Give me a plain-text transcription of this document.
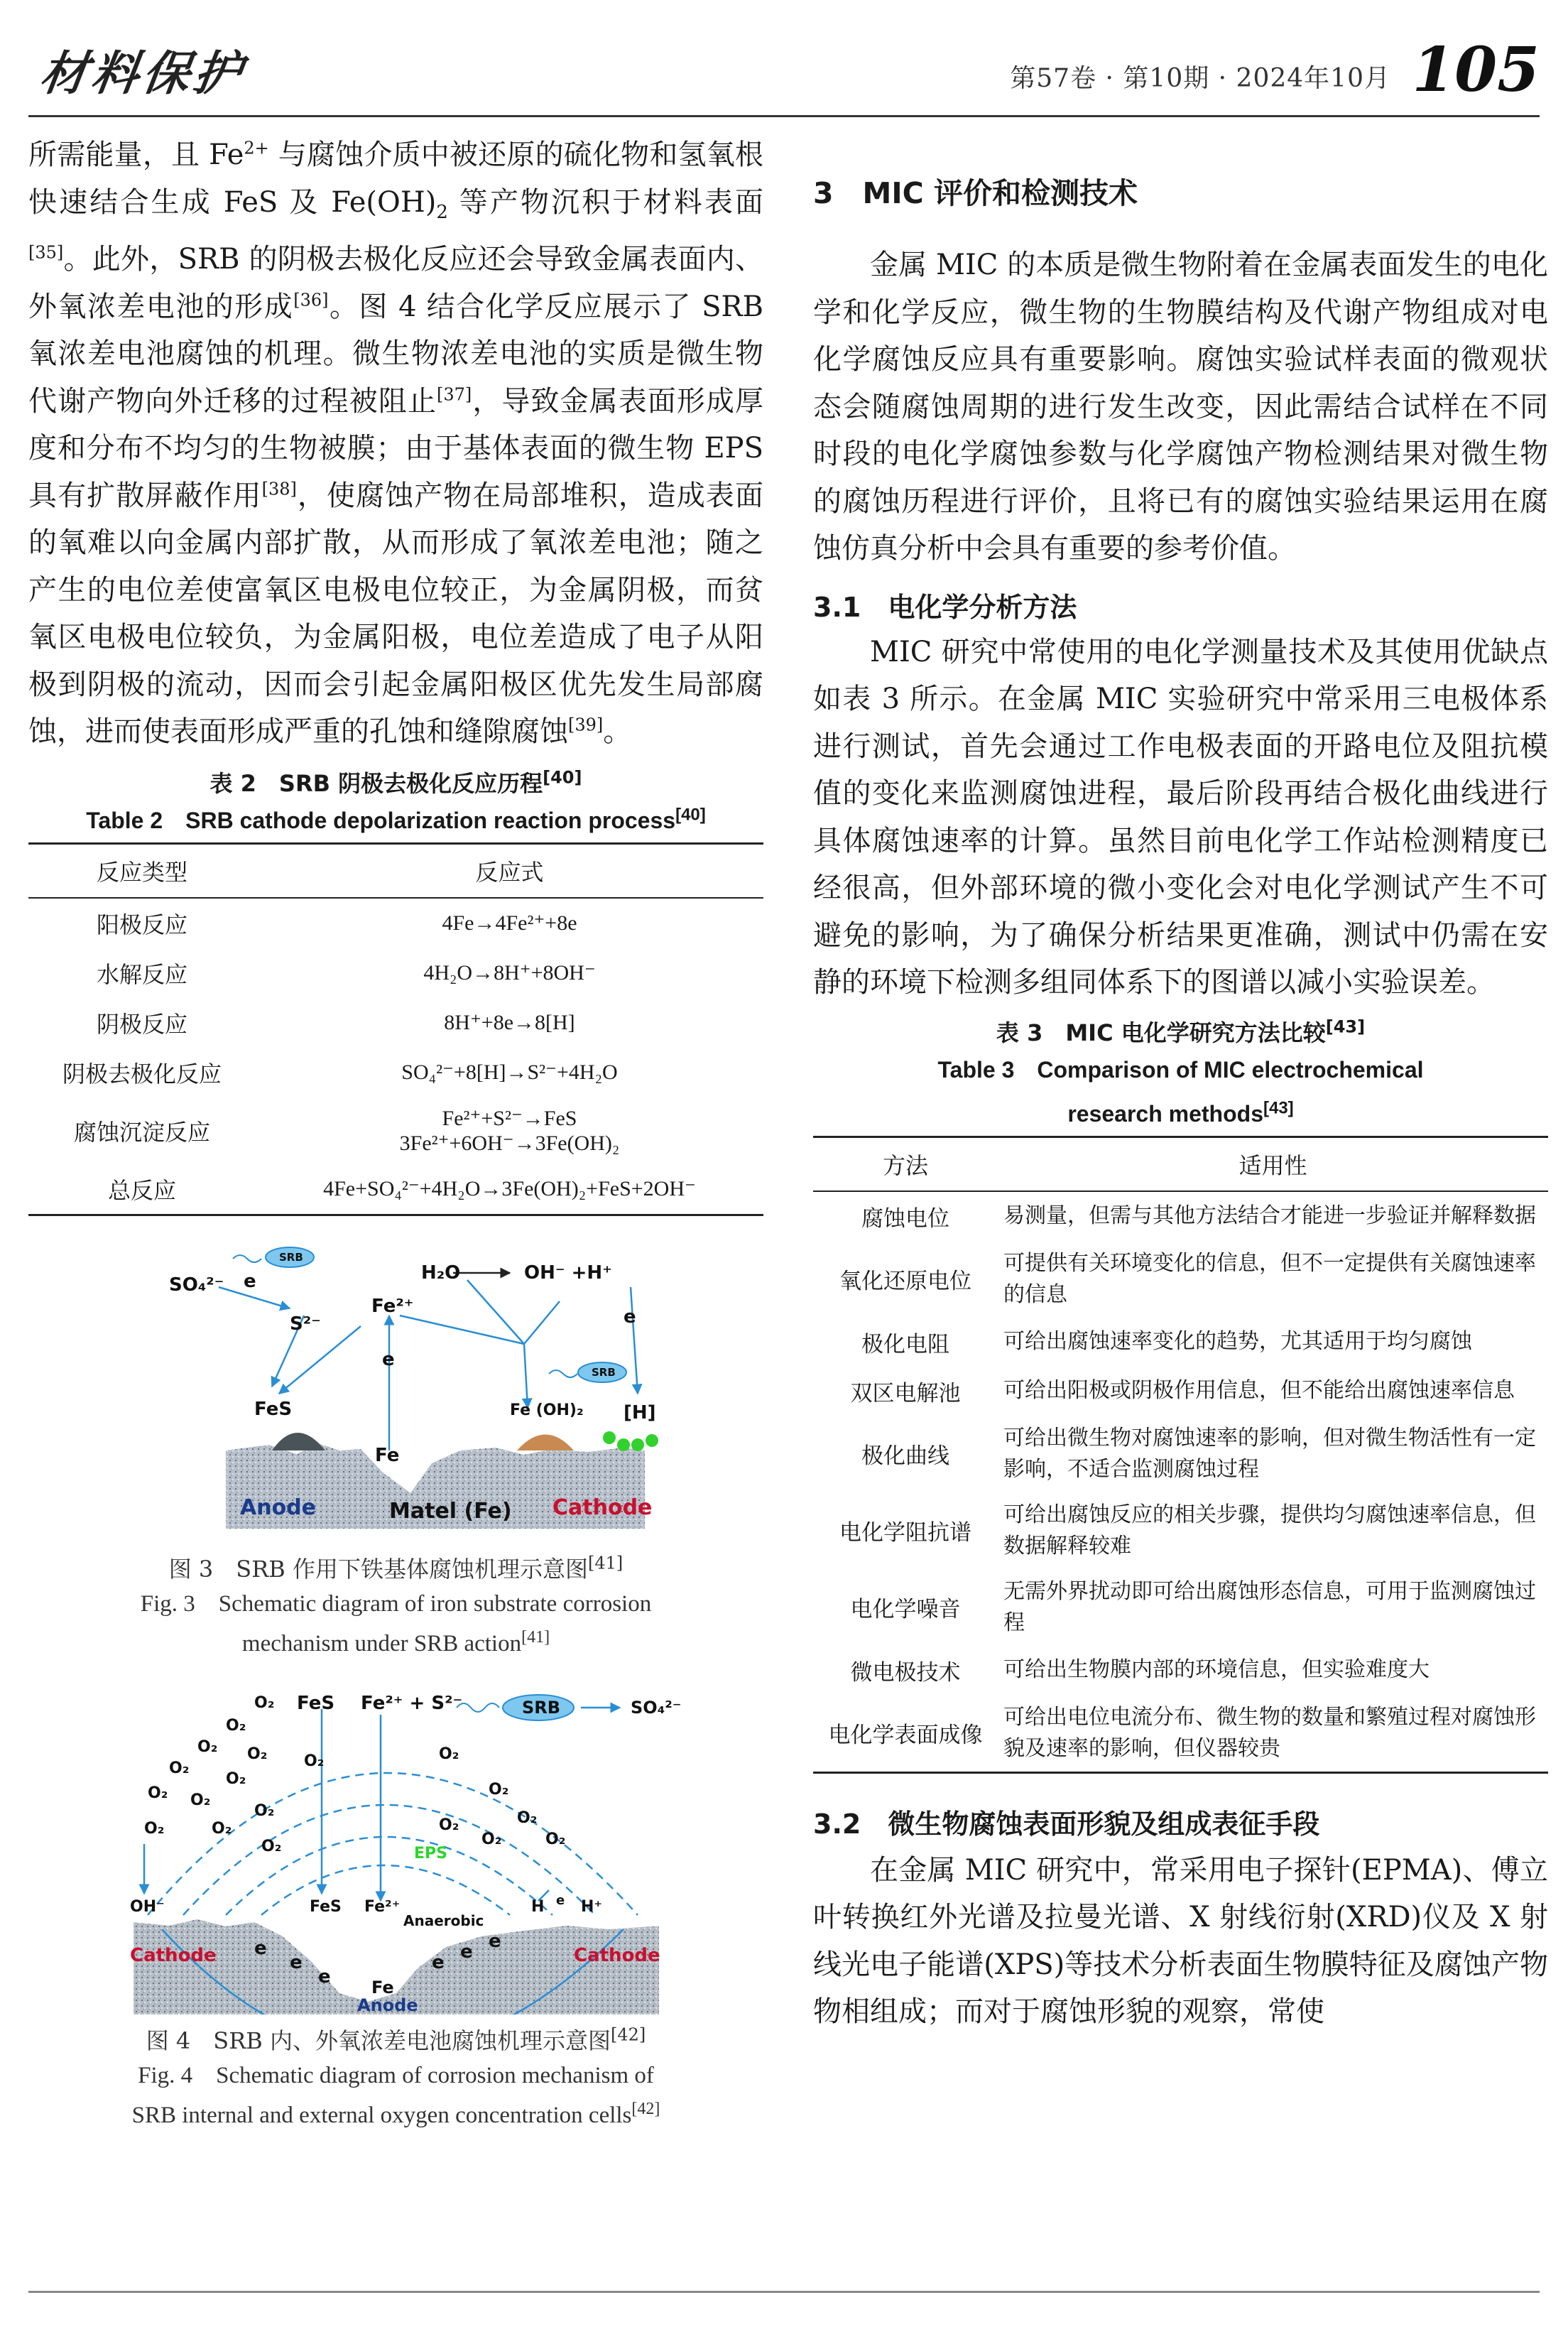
材料保护	第57卷 · 第10期 · 2024年10月 105

所需能量，且 Fe$^{2+}$ 与腐蚀介质中被还原的硫化物和氢氧根快速结合生成 FeS 及 $Fe(OH)_2$ 等产物沉积于材料表面[35]。此外，SRB 的阴极去极化反应还会导致金属表面内、外氧浓差电池的形成[36]。图 4 结合化学反应展示了 SRB 氧浓差电池腐蚀的机理。微生物浓差电池的实质是微生物代谢产物向外迁移的过程被阻止[37]，导致金属表面形成厚度和分布不均匀的生物被膜；由于基体表面的微生物 EPS 具有扩散屏蔽作用[38]，使腐蚀产物在局部堆积，造成表面的氧难以向金属内部扩散，从而形成了氧浓差电池；随之产生的电位差使富氧区电极电位较正，为金属阴极，而贫氧区电极电位较负，为金属阳极，电位差造成了电子从阳极到阴极的流动，因而会引起金属阳极区优先发生局部腐蚀，进而使表面形成严重的孔蚀和缝隙腐蚀[39]。

表 2　SRB 阴极去极化反应历程[40]

Table 2　SRB cathode depolarization reaction process[40]

反应类型	反应式
阳极反应	4Fe→4Fe²⁺+8e
水解反应	4H₂O→8H⁺+8OH⁻
阴极反应	8H⁺+8e→8[H]
阴极去极化反应	SO₄²⁻+8[H]→S²⁻+4H₂O
腐蚀沉淀反应	Fe²⁺+S²⁻→FeS
3Fe²⁺+6OH⁻→3Fe(OH)₂

总反应	4Fe+SO₄²⁻+4H₂O→3Fe(OH)₂+FeS+2OH⁻
SO₄²⁻
SRB
e
S²⁻
Fe²⁺
e
H₂O	OH⁻ +H⁺
e
SRB
FeS
Fe
Fe (OH)₂ [H]
Anode	Matel (Fe) Cathode

图 3　SRB 作用下铁基体腐蚀机理示意图[41]

Fig. 3　Schematic diagram of iron substrate corrosion
mechanism under SRB action[41]

O₂
O₂
O₂ O₂
O₂
O₂
O₂ O₂
O₂
O₂	O₂
O₂
O₂	O₂
O₂
O₂
O₂
O₂
O₂
FeS Fe²⁺ + S²⁻	SRB	SO₄²⁻
EPS
OH⁻	FeS Fe²⁺
Anaerobic
H e H⁺
e
e
e
e e e
Cathode	Cathode
Fe
Anode

图 4　SRB 内、外氧浓差电池腐蚀机理示意图[42]

Fig. 4　Schematic diagram of corrosion mechanism of
SRB internal and external oxygen concentration cells[42]

3　MIC 评价和检测技术

金属 MIC 的本质是微生物附着在金属表面发生的电化学和化学反应，微生物的生物膜结构及代谢产物组成对电化学腐蚀反应具有重要影响。腐蚀实验试样表面的微观状态会随腐蚀周期的进行发生改变，因此需结合试样在不同时段的电化学腐蚀参数与化学腐蚀产物检测结果对微生物的腐蚀历程进行评价，且将已有的腐蚀实验结果运用在腐蚀仿真分析中会具有重要的参考价值。

3.1　电化学分析方法

MIC 研究中常使用的电化学测量技术及其使用优缺点如表 3 所示。在金属 MIC 实验研究中常采用三电极体系进行测试，首先会通过工作电极表面的开路电位及阻抗模值的变化来监测腐蚀进程，最后阶段再结合极化曲线进行具体腐蚀速率的计算。虽然目前电化学工作站检测精度已经很高，但外部环境的微小变化会对电化学测试产生不可避免的影响，为了确保分析结果更准确，测试中仍需在安静的环境下检测多组同体系下的图谱以减小实验误差。

表 3　MIC 电化学研究方法比较[43]

Table 3　Comparison of MIC electrochemical
research methods[43]

方法	适用性
腐蚀电位	易测量，但需与其他方法结合才能进一步验证并解释数据
氧化还原电位	可提供有关环境变化的信息，但不一定提供有关腐蚀速率的信息
极化电阻	可给出腐蚀速率变化的趋势，尤其适用于均匀腐蚀
双区电解池	可给出阳极或阴极作用信息，但不能给出腐蚀速率信息
极化曲线	可给出微生物对腐蚀速率的影响，但对微生物活性有一定影响，不适合监测腐蚀过程
电化学阻抗谱	可给出腐蚀反应的相关步骤，提供均匀腐蚀速率信息，但数据解释较难
电化学噪音	无需外界扰动即可给出腐蚀形态信息，可用于监测腐蚀过程
微电极技术	可给出生物膜内部的环境信息，但实验难度大
电化学表面成像	可给出电位电流分布、微生物的数量和繁殖过程对腐蚀形貌及速率的影响，但仪器较贵
3.2　微生物腐蚀表面形貌及组成表征手段

在金属 MIC 研究中，常采用电子探针(EPMA)、傅立叶转换红外光谱及拉曼光谱、X 射线衍射(XRD)仪及 X 射线光电子能谱(XPS)等技术分析表面生物膜特征及腐蚀产物物相组成；而对于腐蚀形貌的观察，常使
